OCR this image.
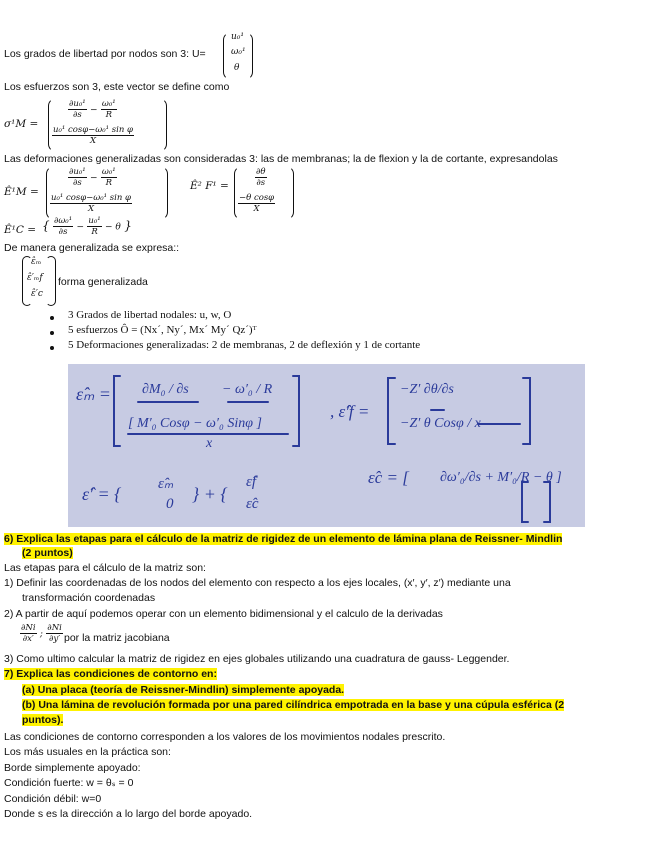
Los grados de libertad por nodos son 3: U=
u₀¹
ω₀¹
θ
Los esfuerzos son 3, este vector se define como
σ¹M =
$\frac{\text{∂u₀¹}}{\partial s} - \frac{\text{ω₀¹}}{R}$
$\frac{\text{u₀¹ cosφ−ω₀¹ sin φ}}{X}$
Las deformaciones generalizadas son consideradas 3: las de membranas; la de flexion y la de cortante, expresandolas
Ê¹M =
$\frac{\text{∂u₀¹}}{\partial s} - \frac{\text{ω₀¹}}{R}$
$\frac{\text{u₀¹ cosφ−ω₀¹ sin φ}}{X}$
Ê² F¹ =	$\frac{\partial\theta}{\partial s}$
$\frac{\text{−θ cosφ}}{X}$
Ê¹C = { $\frac{\text{∂ω₀¹}}{\partial s} - \frac{\text{u₀¹}}{R} - \theta$ }
De manera generalizada se expresa::
ε̂ₘ
ε̂′ₘf
ε̂′c
forma generalizada
3 Grados de libertad nodales: u, w, O
5 esfuerzos Ô = (Nx´, Ny´, Mx´ My´ Qz´)ᵀ
5 Deformaciones generalizadas: 2 de membranas, 2 de deflexión y 1 de cortante
ε̂ₘ = ∂M₀ / ∂s − ω′₀ / R
[ M′₀ Cosφ − ω′₀ Sinφ ]
x
, ε̂′f =
−Z′ ∂θ/∂s
−Z′ θ Cosφ / x
ε̂′ = { ε̂ₘ
0 } + {
ε̂f
ε̂c
ε̂c = [ ∂ω′₀/∂s + M′₀/R − θ ]
6) Explica las etapas para el cálculo de la matriz de rigidez de un elemento de lámina plana de Reissner- Mindlin
(2 puntos)
Las etapas para el cálculo de la matriz son:
1) Definir las coordenadas de los nodos del elemento con respecto a los ejes locales, (x′, y′, z′) mediante una
transformación coordenadas
2) A partir de aquí podemos operar con un elemento bidimensional y el calculo de la derivadas
$\frac{\partial Ni}{\partial x'}$ ; $\frac{\partial Ni}{\partial y'}$ por la matriz jacobiana
3) Como ultimo calcular la matriz de rigidez en ejes globales utilizando una cuadratura de gauss- Leggender.
7) Explica las condiciones de contorno en:
(a) Una placa (teoría de Reissner-Mindlin) simplemente apoyada.
(b) Una lámina de revolución formada por una pared cilíndrica empotrada en la base y una cúpula esférica (2
puntos).
Las condiciones de contorno corresponden a los valores de los movimientos nodales prescrito.
Los más usuales en la práctica son:
Borde simplemente apoyado:
Condición fuerte: w = θₛ = 0
Condición débil: w=0
Donde s es la dirección a lo largo del borde apoyado.
